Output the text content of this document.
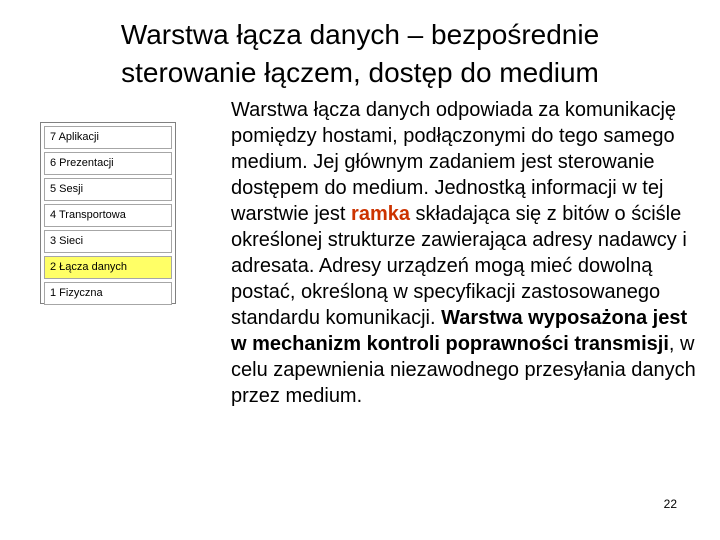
Warstwa łącza danych – bezpośrednie
sterowanie łączem, dostęp do medium
7 Aplikacji
6 Prezentacji
5 Sesji
4 Transportowa
3 Sieci
2 Łącza danych
1 Fizyczna
Warstwa łącza danych odpowiada za komunikację pomiędzy hostami, podłączonymi do tego samego medium. Jej głównym zadaniem jest sterowanie dostępem do medium. Jednostką informacji w tej warstwie jest ramka składająca się z bitów o ściśle określonej strukturze zawierająca adresy nadawcy i adresata. Adresy urządzeń mogą mieć dowolną postać, określoną w specyfikacji zastosowanego standardu komunikacji. Warstwa wyposażona jest w mechanizm kontroli poprawności transmisji, w celu zapewnienia niezawodnego przesyłania danych przez medium.
22
